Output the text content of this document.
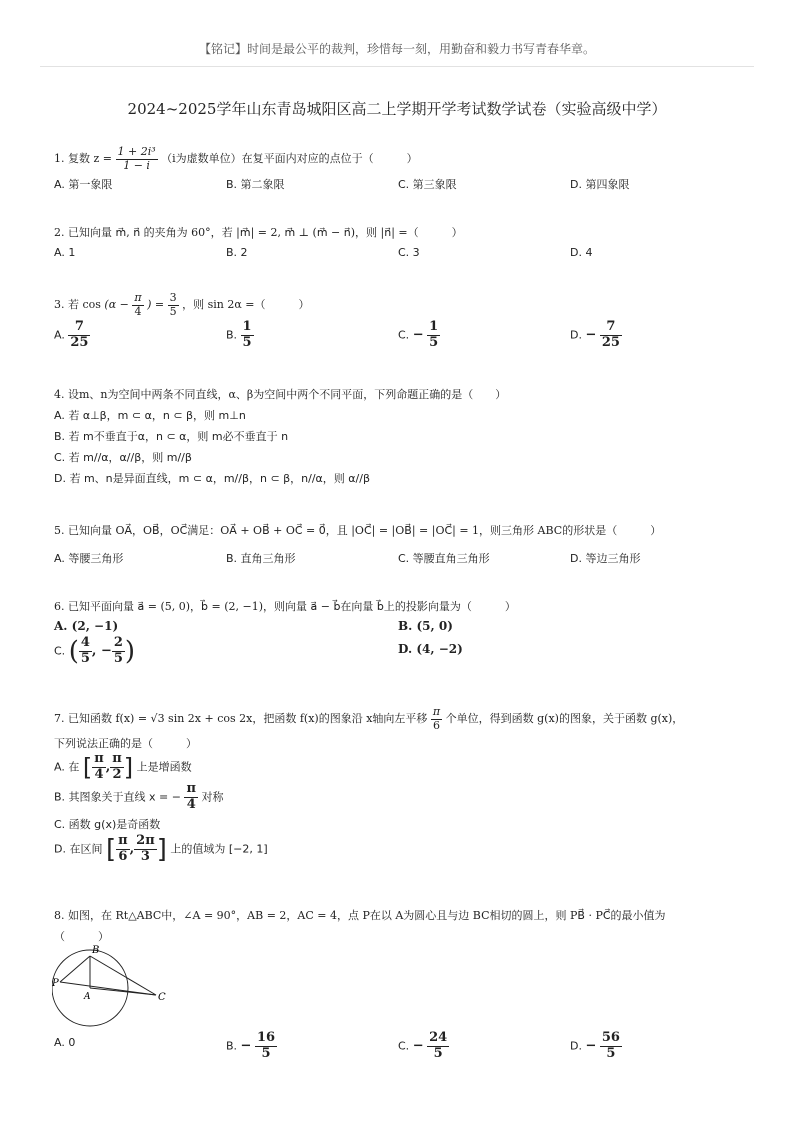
【铭记】时间是最公平的裁判，珍惜每一刻，用勤奋和毅力书写青春华章。
2024~2025学年山东青岛城阳区高二上学期开学考试数学试卷（实验高级中学）
1. 复数 $z = \frac{\text{1 + 2i³}}{1 - i} (i$为虚数单位）在复平面内对应的点位于（　　　）
A. 第一象限	B. 第二象限	C. 第三象限	D. 第四象限
2. 已知向量 m⃗, n⃗ 的夹角为 60°，若 |m⃗| = 2, m⃗ ⊥ (m⃗ − n⃗)，则 |n⃗| =（　　　）
A. 1	B. 2	C. 3	D. 4
3. 若 $\cos (\alpha - \frac{\pi}{4}$ ) = $\frac{3}{5}$ ，则 sin 2α =（　　　）
A. $\frac{7}{25}$	B. $\frac{1}{5}$	C. − $\frac{1}{5}$	D. − $\frac{7}{25}$
4. 设m、n为空间中两条不同直线，α、β为空间中两个不同平面，下列命题正确的是（　　）
A. 若 α⊥β，m ⊂ α，n ⊂ β，则 m⊥n
B. 若 m不垂直于α，n ⊂ α，则 m必不垂直于 n
C. 若 m//α，α//β，则 m//β
D. 若 m、n是异面直线，m ⊂ α，m//β，n ⊂ β，n//α，则 α//β
5. 已知向量 OA⃗，OB⃗，OC⃗满足：OA⃗ + OB⃗ + OC⃗ = 0⃗，且 |OC⃗| = |OB⃗| = |OC⃗| = 1，则三角形 ABC的形状是（　　　）
A. 等腰三角形	B. 直角三角形	C. 等腰直角三角形	D. 等边三角形
6. 已知平面向量 a⃗ = (5, 0)，b⃗ = (2, −1)，则向量 a⃗ − b⃗在向量 b⃗上的投影向量为（　　　）
A. (2, −1)	B. (5, 0)
C. ( $\frac{4}{5}$ , − $\frac{2}{5}$ )	D. (4, −2)
7. 已知函数 f(x) = √3 sin 2x + cos 2x，把函数 f(x)的图象沿 x轴向左平移 $\frac{\pi}{6}$ 个单位，得到函数 g(x)的图象，关于函数 g(x)，
下列说法正确的是（　　　）
A. 在 [ $\frac{\pi}{4}$ , $\frac{\pi}{2}$ ] 上是增函数
B. 其图象关于直线 x = − $\frac{\pi}{4}$ 对称
C. 函数 g(x)是奇函数
D. 在区间 [ $\frac{\pi}{6}$ , $\frac{2\pi}{3}$ ] 上的值域为 [−2, 1]
8. 如图，在 Rt△ABC中，∠A = 90°，AB = 2，AC = 4，点 P在以 A为圆心且与边 BC相切的圆上，则 PB⃗ · PC⃗的最小值为
（　　　）
B
P
A	C
A. 0	B. − $\frac{16}{5}$	C. − $\frac{24}{5}$	D. − $\frac{56}{5}$
